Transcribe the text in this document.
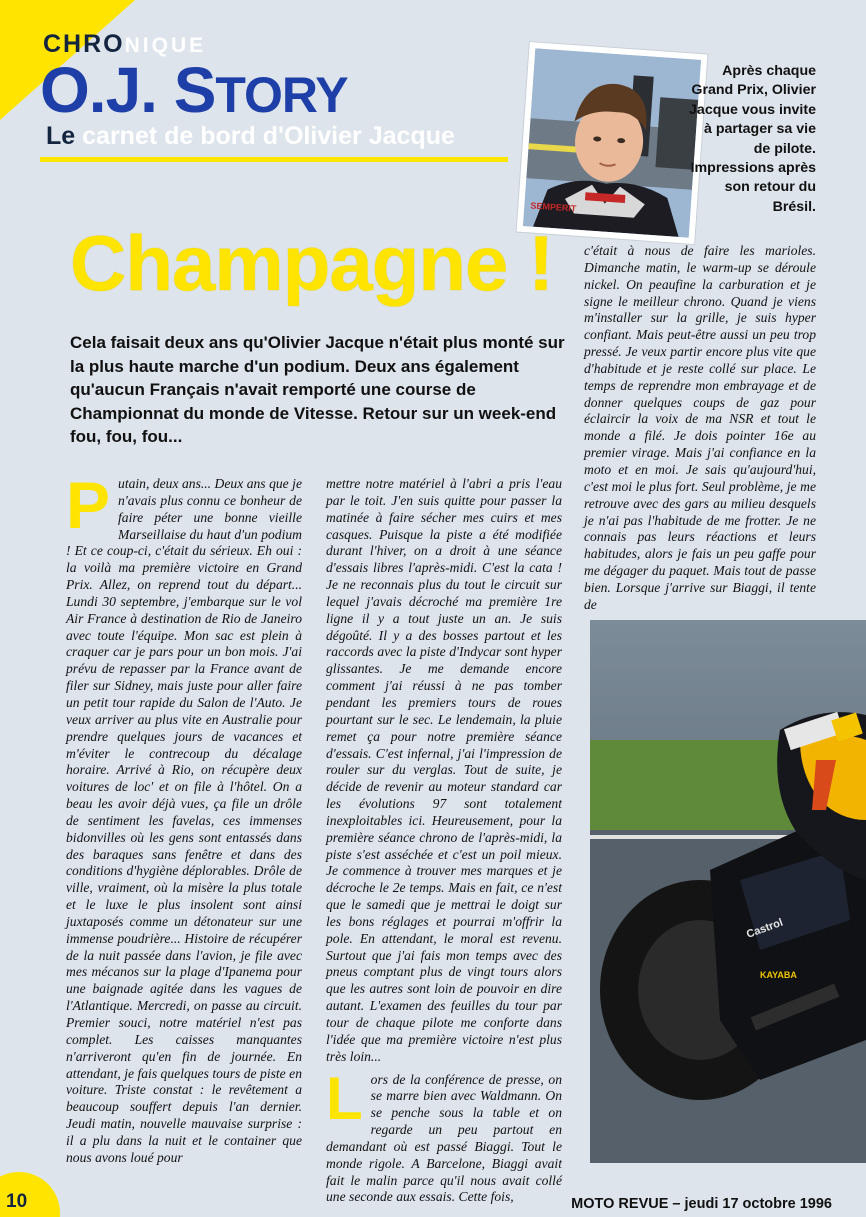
CHRONIQUE
O.J. STORY
Le carnet de bord d'Olivier Jacque
SEMPERIT
Après chaque Grand Prix, Olivier Jacque vous invite à partager sa vie de pilote. Impressions après son retour du Brésil.
Champagne !
Cela faisait deux ans qu'Olivier Jacque n'était plus monté sur la plus haute marche d'un podium. Deux ans également qu'aucun Français n'avait remporté une course de Championnat du monde de Vitesse. Retour sur un week-end fou, fou, fou...
Putain, deux ans... Deux ans que je n'avais plus connu ce bonheur de faire péter une bonne vieille Marseillaise du haut d'un podium ! Et ce coup-ci, c'était du sérieux. Eh oui : la voilà ma première victoire en Grand Prix. Allez, on reprend tout du départ... Lundi 30 septembre, j'embarque sur le vol Air France à destination de Rio de Janeiro avec toute l'équipe. Mon sac est plein à craquer car je pars pour un bon mois. J'ai prévu de repasser par la France avant de filer sur Sidney, mais juste pour aller faire un petit tour rapide du Salon de l'Auto. Je veux arriver au plus vite en Australie pour prendre quelques jours de vacances et m'éviter le contrecoup du décalage horaire. Arrivé à Rio, on récupère deux voitures de loc' et on file à l'hôtel. On a beau les avoir déjà vues, ça file un drôle de sentiment les favelas, ces immenses bidonvilles où les gens sont entassés dans des baraques sans fenêtre et dans des conditions d'hygiène déplorables. Drôle de ville, vraiment, où la misère la plus totale et le luxe le plus insolent sont ainsi juxtaposés comme un détonateur sur une immense poudrière... Histoire de récupérer de la nuit passée dans l'avion, je file avec mes mécanos sur la plage d'Ipanema pour une baignade agitée dans les vagues de l'Atlantique. Mercredi, on passe au circuit. Premier souci, notre matériel n'est pas complet. Les caisses manquantes n'arriveront qu'en fin de journée. En attendant, je fais quelques tours de piste en voiture. Triste constat : le revêtement a beaucoup souffert depuis l'an dernier. Jeudi matin, nouvelle mauvaise surprise : il a plu dans la nuit et le container que nous avons loué pour
mettre notre matériel à l'abri a pris l'eau par le toit. J'en suis quitte pour passer la matinée à faire sécher mes cuirs et mes casques. Puisque la piste a été modifiée durant l'hiver, on a droit à une séance d'essais libres l'après-midi. C'est la cata ! Je ne reconnais plus du tout le circuit sur lequel j'avais décroché ma première 1re ligne il y a tout juste un an. Je suis dégoûté. Il y a des bosses partout et les raccords avec la piste d'Indycar sont hyper glissantes. Je me demande encore comment j'ai réussi à ne pas tomber pendant les premiers tours de roues pourtant sur le sec. Le lendemain, la pluie remet ça pour notre première séance d'essais. C'est infernal, j'ai l'impression de rouler sur du verglas. Tout de suite, je décide de revenir au moteur standard car les évolutions 97 sont totalement inexploitables ici. Heureusement, pour la première séance chrono de l'après-midi, la piste s'est asséchée et c'est un poil mieux. Je commence à trouver mes marques et je décroche le 2e temps. Mais en fait, ce n'est que le samedi que je mettrai le doigt sur les bons réglages et pourrai m'offrir la pole. En attendant, le moral est revenu. Surtout que j'ai fais mon temps avec des pneus comptant plus de vingt tours alors que les autres sont loin de pouvoir en dire autant. L'examen des feuilles du tour par tour de chaque pilote me conforte dans l'idée que ma première victoire n'est plus très loin...
L ors de la conférence de presse, on se marre bien avec Waldmann. On se penche sous la table et on regarde un peu partout en demandant où est passé Biaggi. Tout le monde rigole. A Barcelone, Biaggi avait fait le malin parce qu'il nous avait collé une seconde aux essais. Cette fois,
c'était à nous de faire les marioles. Dimanche matin, le warm-up se déroule nickel. On peaufine la carburation et je signe le meilleur chrono. Quand je viens m'installer sur la grille, je suis hyper confiant. Mais peut-être aussi un peu trop pressé. Je veux partir encore plus vite que d'habitude et je reste collé sur place. Le temps de reprendre mon embrayage et de donner quelques coups de gaz pour éclaircir la voix de ma NSR et tout le monde a filé. Je dois pointer 16e au premier virage. Mais j'ai confiance en la moto et en moi. Je sais qu'aujourd'hui, c'est moi le plus fort. Seul problème, je me retrouve avec des gars au milieu desquels je n'ai pas l'habitude de me frotter. Je ne connais pas leurs réactions et leurs habitudes, alors je fais un peu gaffe pour me dégager du paquet. Mais tout de passe bien. Lorsque j'arrive sur Biaggi, il tente de
Castrol
KAYABA
10	MOTO REVUE – jeudi 17 octobre 1996
